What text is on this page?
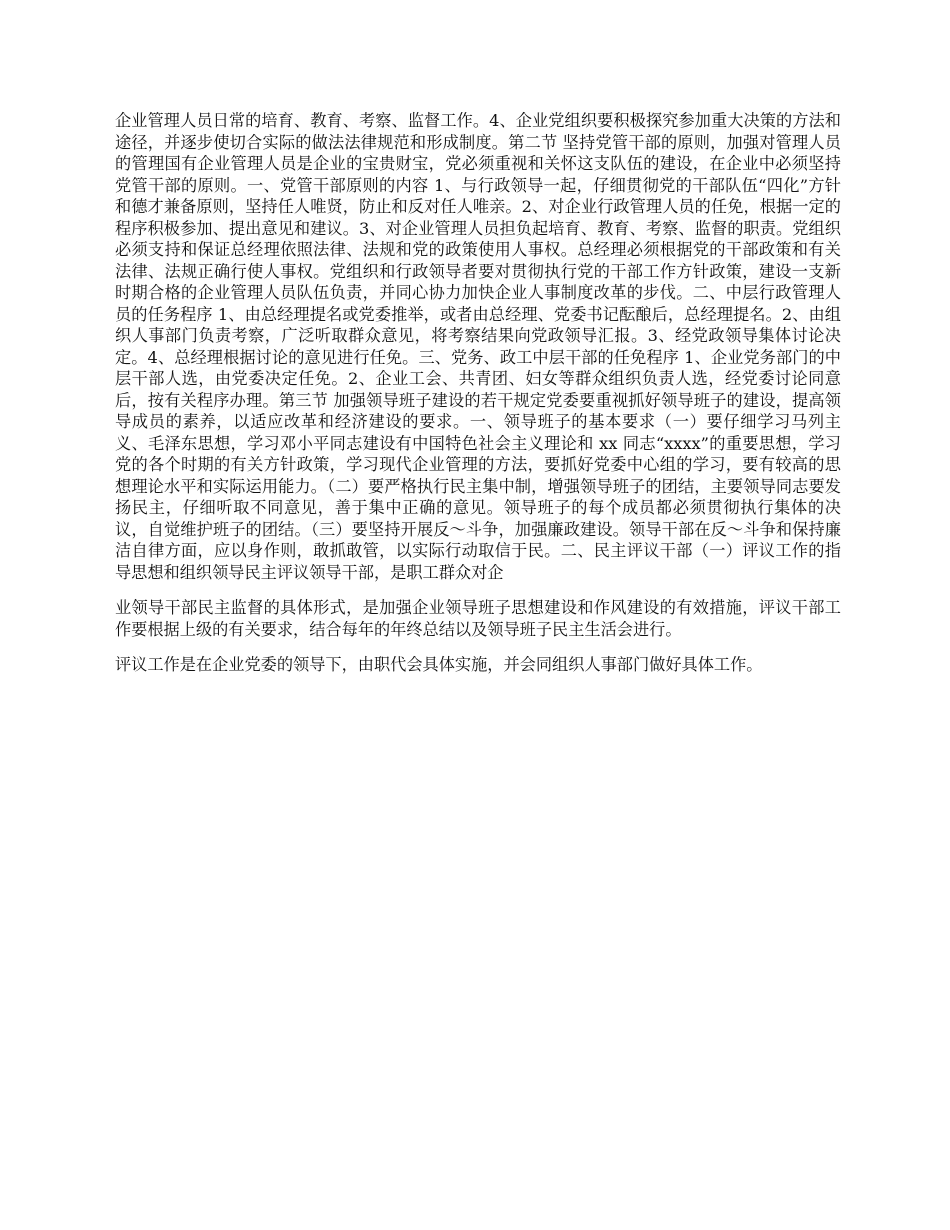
企业管理人员日常的培育、教育、考察、监督工作。4、企业党组织要积极探究参加重大决策的方法和途径，并逐步使切合实际的做法法律规范和形成制度。第二节 坚持党管干部的原则，加强对管理人员的管理国有企业管理人员是企业的宝贵财宝，党必须重视和关怀这支队伍的建设，在企业中必须坚持党管干部的原则。一、党管干部原则的内容 1、与行政领导一起，仔细贯彻党的干部队伍“四化”方针和德才兼备原则，坚持任人唯贤，防止和反对任人唯亲。2、对企业行政管理人员的任免，根据一定的程序积极参加、提出意见和建议。3、对企业管理人员担负起培育、教育、考察、监督的职责。党组织必须支持和保证总经理依照法律、法规和党的政策使用人事权。总经理必须根据党的干部政策和有关法律、法规正确行使人事权。党组织和行政领导者要对贯彻执行党的干部工作方针政策，建设一支新时期合格的企业管理人员队伍负责，并同心协力加快企业人事制度改革的步伐。二、中层行政管理人员的任务程序 1、由总经理提名或党委推举，或者由总经理、党委书记酝酿后，总经理提名。2、由组织人事部门负责考察，广泛听取群众意见，将考察结果向党政领导汇报。3、经党政领导集体讨论决定。4、总经理根据讨论的意见进行任免。三、党务、政工中层干部的任免程序 1、企业党务部门的中层干部人选，由党委决定任免。2、企业工会、共青团、妇女等群众组织负责人选，经党委讨论同意后，按有关程序办理。第三节 加强领导班子建设的若干规定党委要重视抓好领导班子的建设，提高领导成员的素养，以适应改革和经济建设的要求。一、领导班子的基本要求（一）要仔细学习马列主义、毛泽东思想，学习邓小平同志建设有中国特色社会主义理论和 xx 同志“xxxx”的重要思想，学习党的各个时期的有关方针政策，学习现代企业管理的方法，要抓好党委中心组的学习，要有较高的思想理论水平和实际运用能力。（二）要严格执行民主集中制，增强领导班子的团结，主要领导同志要发扬民主，仔细听取不同意见，善于集中正确的意见。领导班子的每个成员都必须贯彻执行集体的决议，自觉维护班子的团结。（三）要坚持开展反～斗争，加强廉政建设。领导干部在反～斗争和保持廉洁自律方面，应以身作则，敢抓敢管，以实际行动取信于民。二、民主评议干部（一）评议工作的指导思想和组织领导民主评议领导干部，是职工群众对企

业领导干部民主监督的具体形式，是加强企业领导班子思想建设和作风建设的有效措施，评议干部工作要根据上级的有关要求，结合每年的年终总结以及领导班子民主生活会进行。

评议工作是在企业党委的领导下，由职代会具体实施，并会同组织人事部门做好具体工作。
